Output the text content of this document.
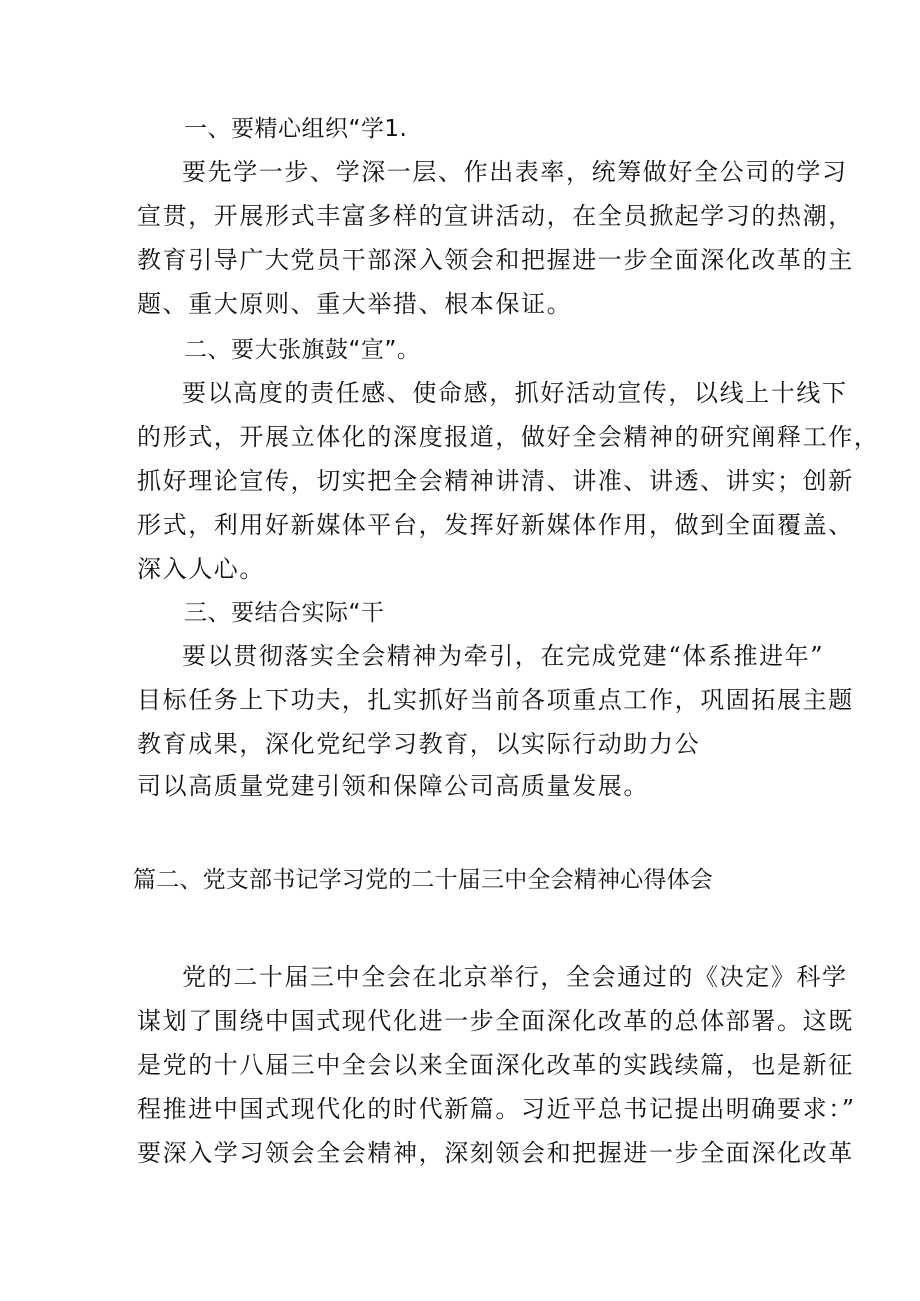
一、要精心组织“学1.
要先学一步、学深一层、作出表率，统筹做好全公司的学习
宣贯，开展形式丰富多样的宣讲活动，在全员掀起学习的热潮，
教育引导广大党员干部深入领会和把握进一步全面深化改革的主
题、重大原则、重大举措、根本保证。
二、要大张旗鼓“宣”。
要以高度的责任感、使命感，抓好活动宣传，以线上十线下
的形式，开展立体化的深度报道，做好全会精神的研究阐释工作，
抓好理论宣传，切实把全会精神讲清、讲准、讲透、讲实；创新
形式，利用好新媒体平台，发挥好新媒体作用，做到全面覆盖、
深入人心。
三、要结合实际“干
要以贯彻落实全会精神为牵引，在完成党建“体系推进年”
目标任务上下功夫，扎实抓好当前各项重点工作，巩固拓展主题
教育成果，深化党纪学习教育，以实际行动助力公
司以高质量党建引领和保障公司高质量发展。
篇二、党支部书记学习党的二十届三中全会精神心得体会
党的二十届三中全会在北京举行，全会通过的《决定》科学
谋划了围绕中国式现代化进一步全面深化改革的总体部署。这既
是党的十八届三中全会以来全面深化改革的实践续篇，也是新征
程推进中国式现代化的时代新篇。习近平总书记提出明确要求：”
要深入学习领会全会精神，深刻领会和把握进一步全面深化改革
